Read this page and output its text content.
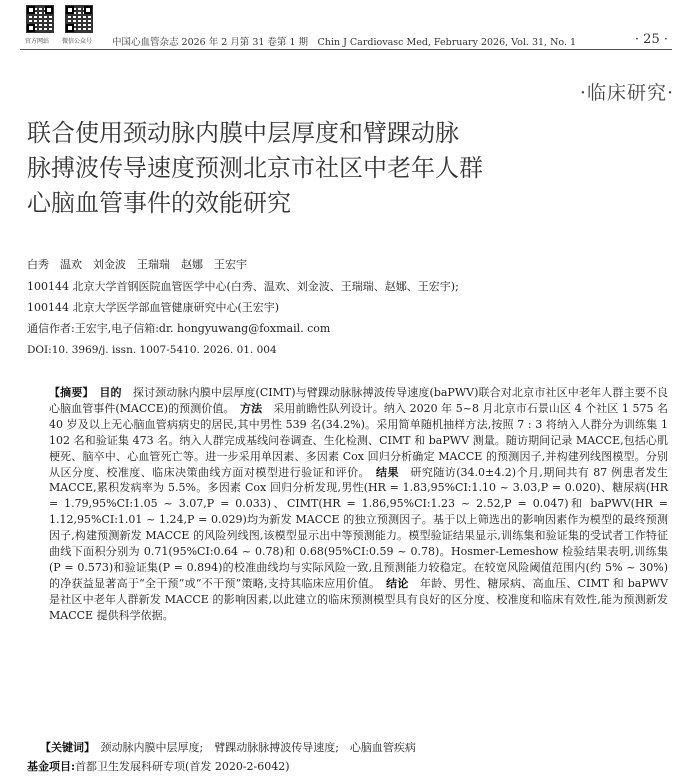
官方网站 微信公众号 中国心血管杂志 2026 年 2 月第 31 卷第 1 期　Chin J Cardiovasc Med, February 2026, Vol. 31, No. 1	· 25 ·
·临床研究·
联合使用颈动脉内膜中层厚度和臂踝动脉
脉搏波传导速度预测北京市社区中老年人群
心脑血管事件的效能研究
白秀　温欢　刘金波　王瑞瑞　赵娜　王宏宇
100144 北京大学首钢医院血管医学中心(白秀、温欢、刘金波、王瑞瑞、赵娜、王宏宇);
100144 北京大学医学部血管健康研究中心(王宏宇)
通信作者:王宏宇,电子信箱:dr. hongyuwang@foxmail. com
DOI:10. 3969/j. issn. 1007-5410. 2026. 01. 004
【摘要】　 目的　 探讨颈动脉内膜中层厚度(CIMT)与臂踝动脉脉搏波传导速度(baPWV)联合对北京市社区中老年人群主要不良心脑血管事件(MACCE)的预测价值。　 方法　 采用前瞻性队列设计。纳入 2020 年 5~8 月北京市石景山区 4 个社区 1 575 名 40 岁及以上无心脑血管病病史的居民,其中男性 539 名(34.2%)。采用简单随机抽样方法,按照 7 : 3 将纳入人群分为训练集 1 102 名和验证集 473 名。纳入人群完成基线问卷调查、生化检测、CIMT 和 baPWV 测量。随访期间记录 MACCE,包括心肌梗死、脑卒中、心血管死亡等。进一步采用单因素、多因素 Cox 回归分析确定 MACCE 的预测因子,并构建列线图模型。分别从区分度、校准度、临床决策曲线方面对模型进行验证和评价。　 结果　 研究随访(34.0±4.2)个月,期间共有 87 例患者发生 MACCE,累积发病率为 5.5%。多因素 Cox 回归分析发现,男性(HR = 1.83,95%CI:1.10 ~ 3.03,P = 0.020)、糖尿病(HR = 1.79,95%CI:1.05 ~ 3.07,P = 0.033)、CIMT(HR = 1.86,95%CI:1.23 ~ 2.52,P = 0.047)和 baPWV(HR = 1.12,95%CI:1.01 ~ 1.24,P = 0.029)均为新发 MACCE 的独立预测因子。基于以上筛选出的影响因素作为模型的最终预测因子,构建预测新发 MACCE 的风险列线图,该模型显示出中等预测能力。模型验证结果显示,训练集和验证集的受试者工作特征曲线下面积分别为 0.71(95%CI:0.64 ~ 0.78)和 0.68(95%CI:0.59 ~ 0.78)。Hosmer-Lemeshow 检验结果表明,训练集(P = 0.573)和验证集(P = 0.894)的校准曲线均与实际风险一致,且预测能力较稳定。在较宽风险阈值范围内(约 5% ~ 30%)的净获益显著高于“全干预”或“不干预”策略,支持其临床应用价值。　 结论　 年龄、男性、糖尿病、高血压、CIMT 和 baPWV 是社区中老年人群新发 MACCE 的影响因素,以此建立的临床预测模型具有良好的区分度、校准度和临床有效性,能为预测新发 MACCE 提供科学依据。
【关键词】　 颈动脉内膜中层厚度;　臂踝动脉脉搏波传导速度;　心脑血管疾病
基金项目:首都卫生发展科研专项(首发 2020-2-6042)
